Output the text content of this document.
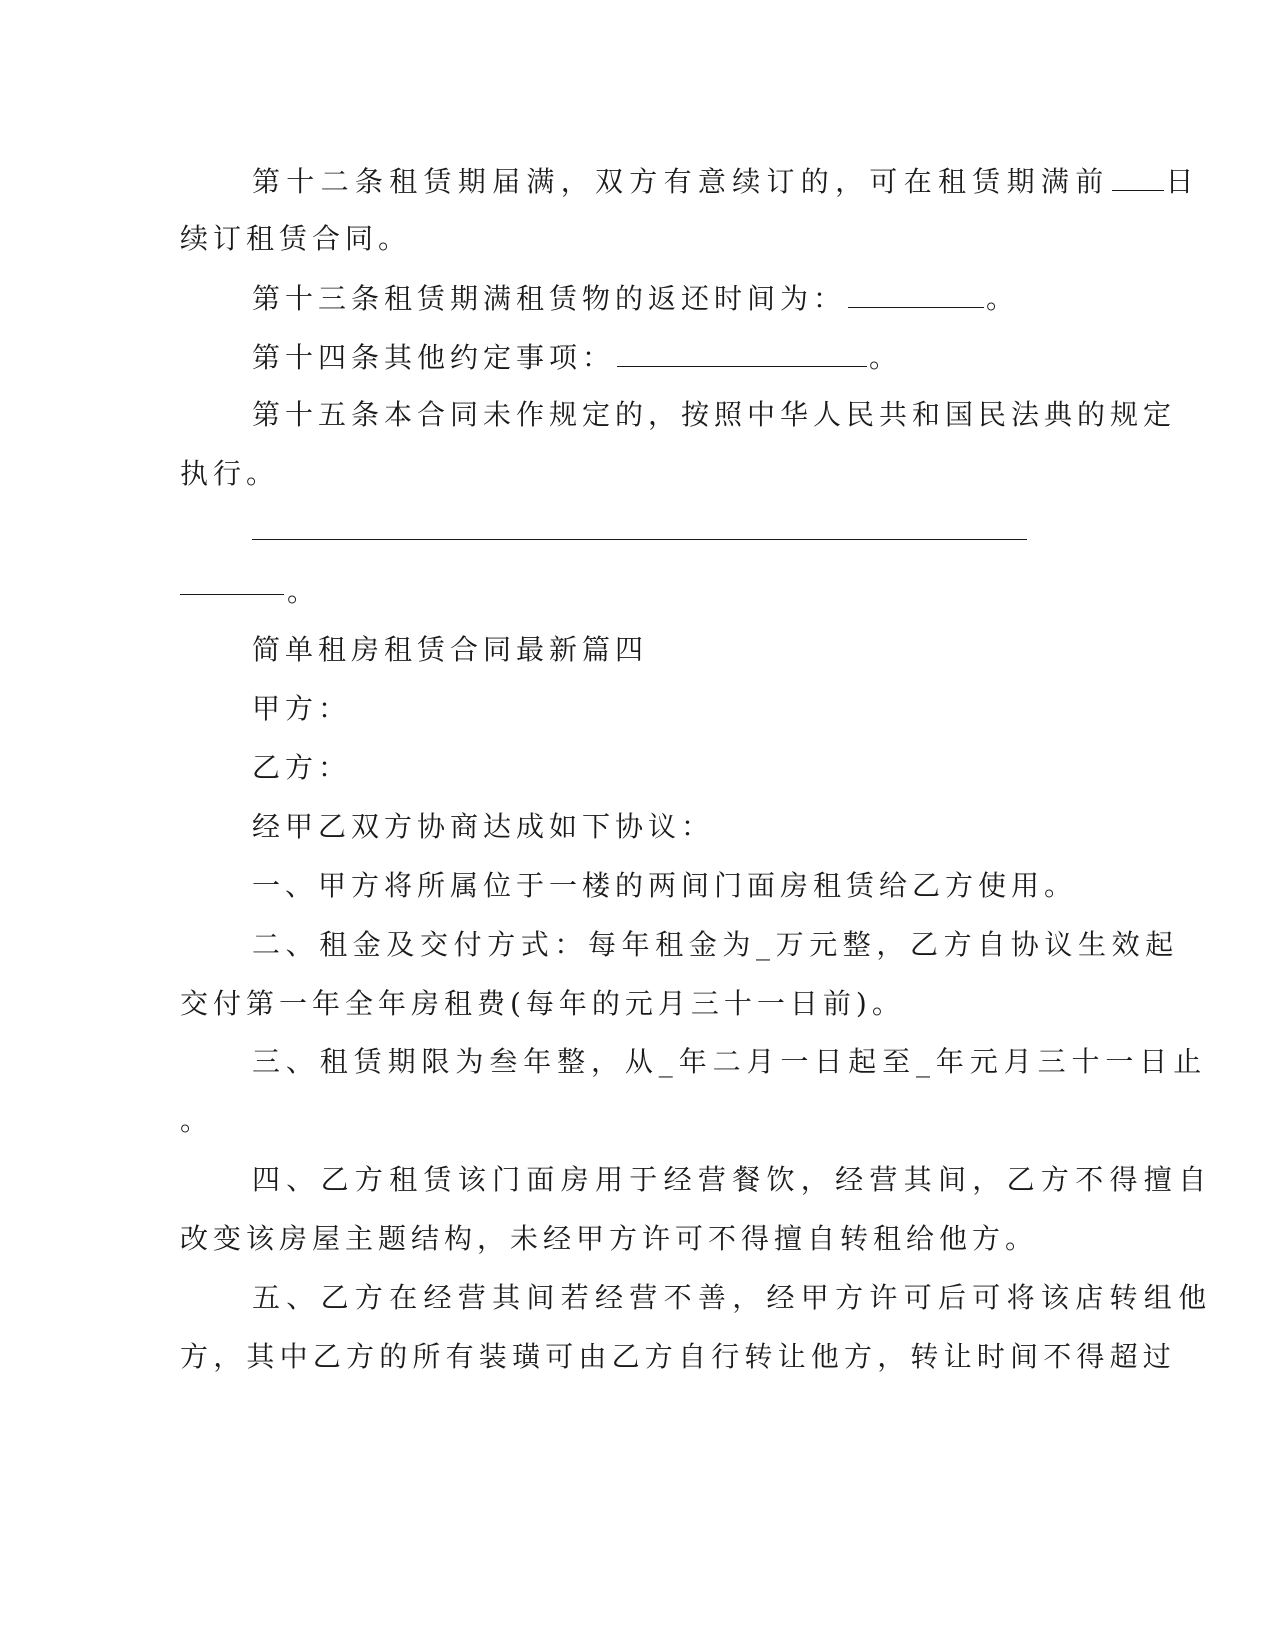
第十二条租赁期届满，双方有意续订的，可在租赁期满前 日
续订租赁合同。
第十三条租赁期满租赁物的返还时间为：	。
第十四条其他约定事项：	。
第十五条本合同未作规定的，按照中华人民共和国民法典的规定
执行。
。
简单租房租赁合同最新篇四
甲方：
乙方：
经甲乙双方协商达成如下协议：
一、甲方将所属位于一楼的两间门面房租赁给乙方使用。
二、租金及交付方式：每年租金为_万元整，乙方自协议生效起
交付第一年全年房租费(每年的元月三十一日前)。
三、租赁期限为叁年整，从_年二月一日起至_年元月三十一日止
。
四、乙方租赁该门面房用于经营餐饮，经营其间，乙方不得擅自
改变该房屋主题结构，未经甲方许可不得擅自转租给他方。
五、乙方在经营其间若经营不善，经甲方许可后可将该店转组他
方，其中乙方的所有装璜可由乙方自行转让他方，转让时间不得超过
